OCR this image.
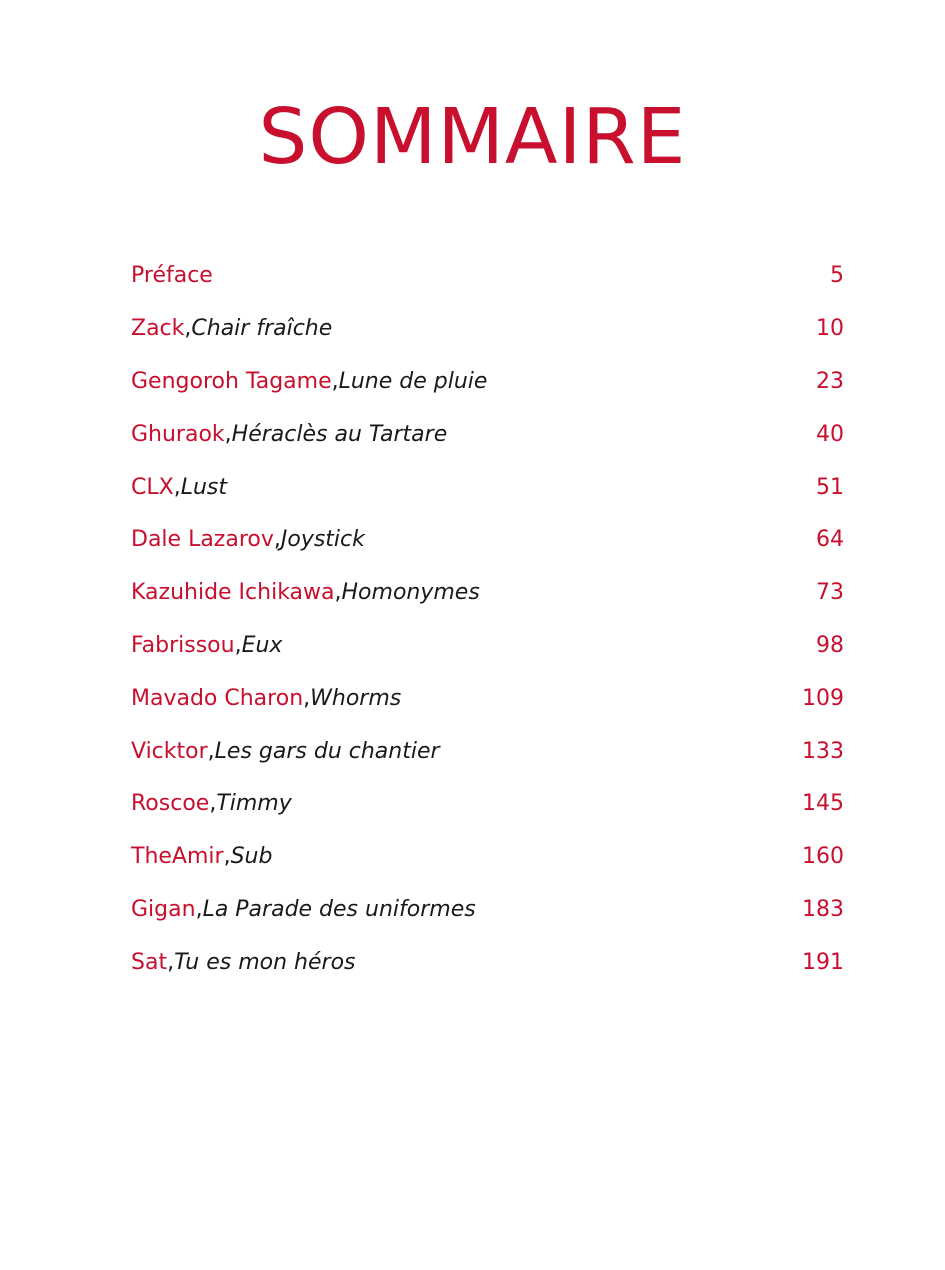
SOMMAIRE
Préface	5
Zack , Chair fraîche	10
Gengoroh Tagame , Lune de pluie	23
Ghuraok , Héraclès au Tartare	40
CLX , Lust	51
Dale Lazarov , Joystick	64
Kazuhide Ichikawa , Homonymes	73
Fabrissou , Eux	98
Mavado Charon , Whorms	109
Vicktor , Les gars du chantier	133
Roscoe , Timmy	145
TheAmir , Sub	160
Gigan , La Parade des uniformes	183
Sat , Tu es mon héros	191
